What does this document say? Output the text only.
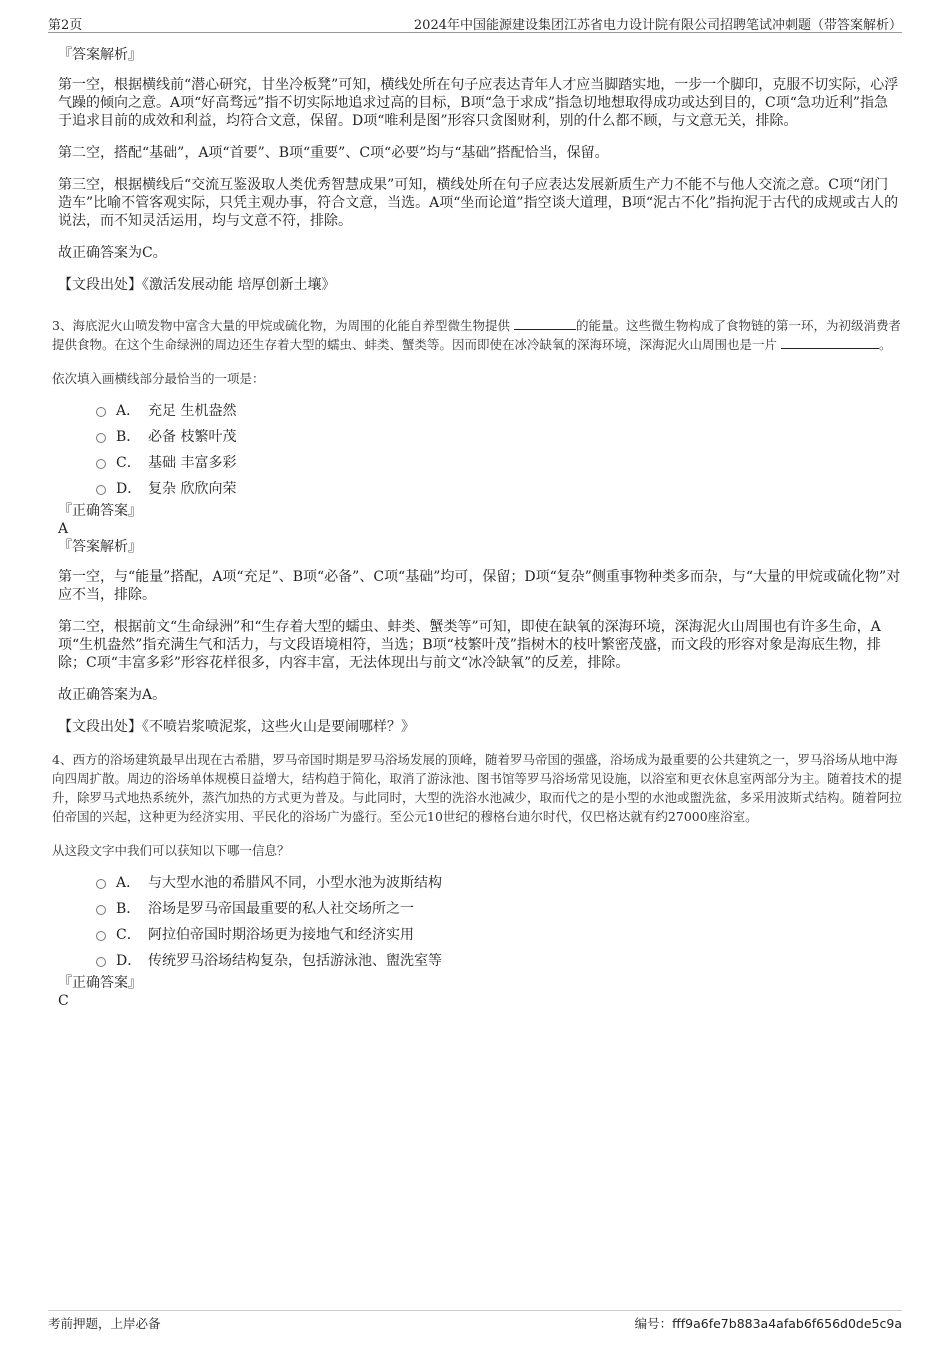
第2页	2024年中国能源建设集团江苏省电力设计院有限公司招聘笔试冲刺题（带答案解析）

『答案解析』

第一空，根据横线前“潜心研究，甘坐冷板凳”可知，横线处所在句子应表达青年人才应当脚踏实地，一步一个脚印，克服不切实际，心浮气躁的倾向之意。A项“好高骛远”指不切实际地追求过高的目标，B项“急于求成”指急切地想取得成功或达到目的，C项“急功近利”指急于追求目前的成效和利益，均符合文意，保留。D项“唯利是图”形容只贪图财利，别的什么都不顾，与文意无关，排除。

第二空，搭配“基础”，A项“首要”、B项“重要”、C项“必要”均与“基础”搭配恰当，保留。

第三空，根据横线后“交流互鉴汲取人类优秀智慧成果”可知，横线处所在句子应表达发展新质生产力不能不与他人交流之意。C项“闭门造车”比喻不管客观实际，只凭主观办事，符合文意，当选。A项“坐而论道”指空谈大道理，B项“泥古不化”指拘泥于古代的成规或古人的说法，而不知灵活运用，均与文意不符，排除。

故正确答案为C。

【文段出处】《激活发展动能 培厚创新土壤》

3、海底泥火山喷发物中富含大量的甲烷或硫化物，为周围的化能自养型微生物提供	的能量。这些微生物构成了食物链的第一环，为初级消费者提供食物。在这个生命绿洲的周边还生存着大型的蠕虫、蚌类、蟹类等。因而即使在冰冷缺氧的深海环境，深海泥火山周围也是一片	。

依次填入画横线部分最恰当的一项是：

A． 充足 生机盎然
B． 必备 枝繁叶茂
C． 基础 丰富多彩
D． 复杂 欣欣向荣

『正确答案』

A

『答案解析』

第一空，与“能量”搭配，A项“充足”、B项“必备”、C项“基础”均可，保留；D项“复杂”侧重事物种类多而杂，与“大量的甲烷或硫化物”对应不当，排除。

第二空，根据前文“生命绿洲”和“生存着大型的蠕虫、蚌类、蟹类等”可知，即使在缺氧的深海环境，深海泥火山周围也有许多生命，A项“生机盎然”指充满生气和活力，与文段语境相符，当选；B项“枝繁叶茂”指树木的枝叶繁密茂盛，而文段的形容对象是海底生物，排除；C项“丰富多彩”形容花样很多，内容丰富，无法体现出与前文“冰冷缺氧”的反差，排除。

故正确答案为A。

【文段出处】《不喷岩浆喷泥浆，这些火山是要闹哪样？》

4、西方的浴场建筑最早出现在古希腊，罗马帝国时期是罗马浴场发展的顶峰，随着罗马帝国的强盛，浴场成为最重要的公共建筑之一，罗马浴场从地中海向四周扩散。周边的浴场单体规模日益增大，结构趋于简化，取消了游泳池、图书馆等罗马浴场常见设施，以浴室和更衣休息室两部分为主。随着技术的提升，除罗马式地热系统外，蒸汽加热的方式更为普及。与此同时，大型的洗浴水池减少，取而代之的是小型的水池或盥洗盆，多采用波斯式结构。随着阿拉伯帝国的兴起，这种更为经济实用、平民化的浴场广为盛行。至公元10世纪的穆格台迪尔时代，仅巴格达就有约27000座浴室。

从这段文字中我们可以获知以下哪一信息？

A． 与大型水池的希腊风不同，小型水池为波斯结构
B． 浴场是罗马帝国最重要的私人社交场所之一
C． 阿拉伯帝国时期浴场更为接地气和经济实用
D． 传统罗马浴场结构复杂，包括游泳池、盥洗室等

『正确答案』

C

考前押题，上岸必备	编号：fff9a6fe7b883a4afab6f656d0de5c9a
